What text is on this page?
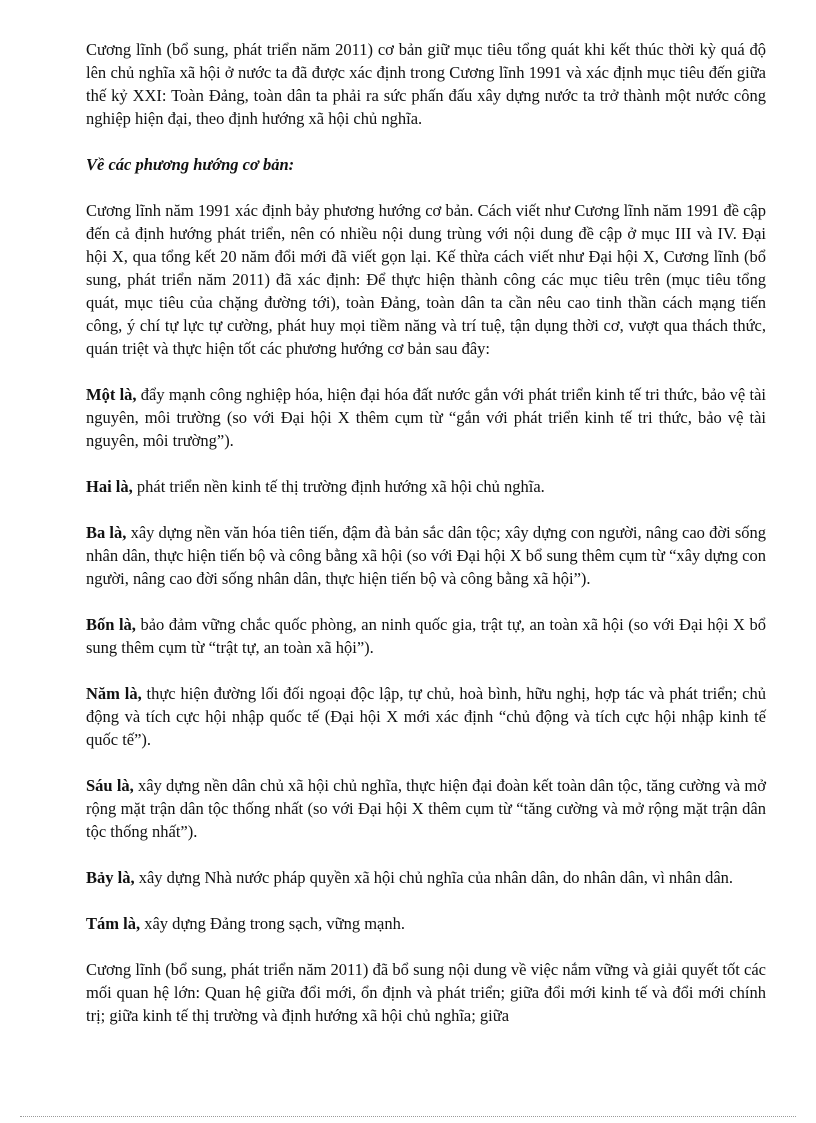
Cương lĩnh (bổ sung, phát triển năm 2011) cơ bản giữ mục tiêu tổng quát khi kết thúc thời kỳ quá độ lên chủ nghĩa xã hội ở nước ta đã được xác định trong Cương lĩnh 1991 và xác định mục tiêu đến giữa thế kỷ XXI: Toàn Đảng, toàn dân ta phải ra sức phấn đấu xây dựng nước ta trở thành một nước công nghiệp hiện đại, theo định hướng xã hội chủ nghĩa.

Về các phương hướng cơ bản:

Cương lĩnh năm 1991 xác định bảy phương hướng cơ bản. Cách viết như Cương lĩnh năm 1991 đề cập đến cả định hướng phát triển, nên có nhiều nội dung trùng với nội dung đề cập ở mục III và IV. Đại hội X, qua tổng kết 20 năm đổi mới đã viết gọn lại. Kế thừa cách viết như Đại hội X, Cương lĩnh (bổ sung, phát triển năm 2011) đã xác định: Để thực hiện thành công các mục tiêu trên (mục tiêu tổng quát, mục tiêu của chặng đường tới), toàn Đảng, toàn dân ta cần nêu cao tinh thần cách mạng tiến công, ý chí tự lực tự cường, phát huy mọi tiềm năng và trí tuệ, tận dụng thời cơ, vượt qua thách thức, quán triệt và thực hiện tốt các phương hướng cơ bản sau đây:

Một là, đẩy mạnh công nghiệp hóa, hiện đại hóa đất nước gắn với phát triển kinh tế tri thức, bảo vệ tài nguyên, môi trường (so với Đại hội X thêm cụm từ “gắn với phát triển kinh tế tri thức, bảo vệ tài nguyên, môi trường”).

Hai là, phát triển nền kinh tế thị trường định hướng xã hội chủ nghĩa.

Ba là, xây dựng nền văn hóa tiên tiến, đậm đà bản sắc dân tộc; xây dựng con người, nâng cao đời sống nhân dân, thực hiện tiến bộ và công bằng xã hội (so với Đại hội X bổ sung thêm cụm từ “xây dựng con người, nâng cao đời sống nhân dân, thực hiện tiến bộ và công bằng xã hội”).

Bốn là, bảo đảm vững chắc quốc phòng, an ninh quốc gia, trật tự, an toàn xã hội (so với Đại hội X bổ sung thêm cụm từ “trật tự, an toàn xã hội”).

Năm là, thực hiện đường lối đối ngoại độc lập, tự chủ, hoà bình, hữu nghị, hợp tác và phát triển; chủ động và tích cực hội nhập quốc tế (Đại hội X mới xác định “chủ động và tích cực hội nhập kinh tế quốc tế”).

Sáu là, xây dựng nền dân chủ xã hội chủ nghĩa, thực hiện đại đoàn kết toàn dân tộc, tăng cường và mở rộng mặt trận dân tộc thống nhất (so với Đại hội X thêm cụm từ “tăng cường và mở rộng mặt trận dân tộc thống nhất”).

Bảy là, xây dựng Nhà nước pháp quyền xã hội chủ nghĩa của nhân dân, do nhân dân, vì nhân dân.

Tám là, xây dựng Đảng trong sạch, vững mạnh.

Cương lĩnh (bổ sung, phát triển năm 2011) đã bổ sung nội dung về việc nắm vững và giải quyết tốt các mối quan hệ lớn: Quan hệ giữa đổi mới, ổn định và phát triển; giữa đổi mới kinh tế và đổi mới chính trị; giữa kinh tế thị trường và định hướng xã hội chủ nghĩa; giữa
